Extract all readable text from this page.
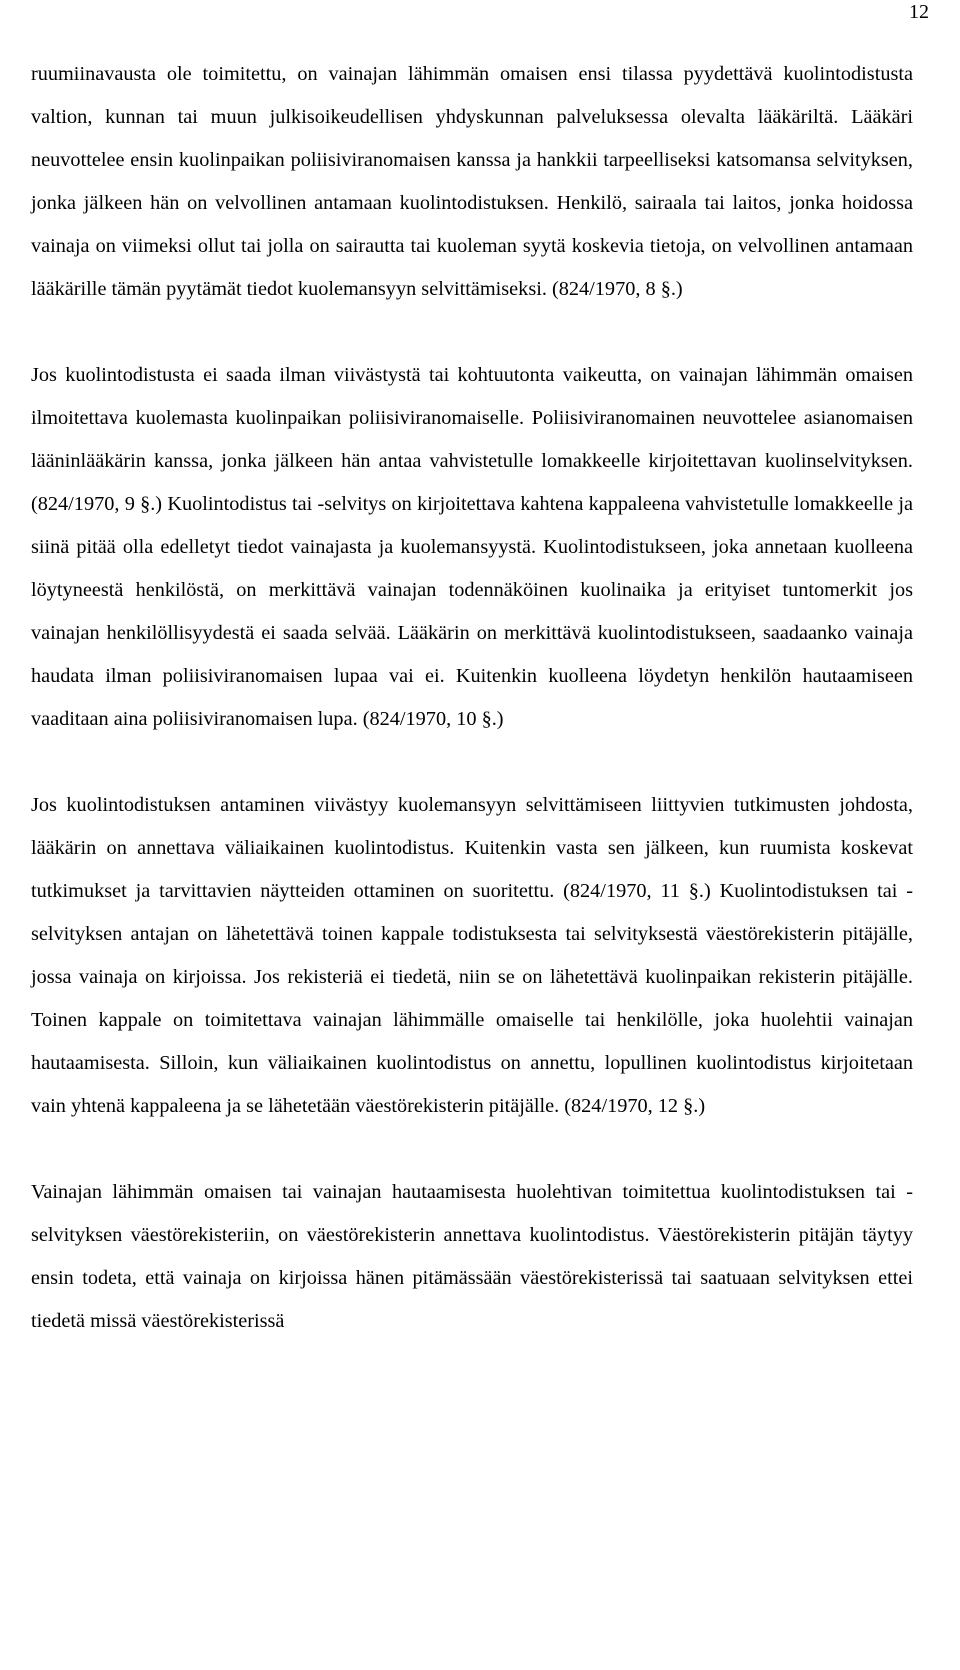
12

ruumiinavausta ole toimitettu, on vainajan lähimmän omaisen ensi tilassa pyydettävä kuolintodistusta valtion, kunnan tai muun julkisoikeudellisen yhdyskunnan palveluksessa olevalta lääkäriltä. Lääkäri neuvottelee ensin kuolinpaikan poliisiviranomaisen kanssa ja hankkii tarpeelliseksi katsomansa selvityksen, jonka jälkeen hän on velvollinen antamaan kuolintodistuksen. Henkilö, sairaala tai laitos, jonka hoidossa vainaja on viimeksi ollut tai jolla on sairautta tai kuoleman syytä koskevia tietoja, on velvollinen antamaan lääkärille tämän pyytämät tiedot kuolemansyyn selvittämiseksi. (824/1970, 8 §.)

Jos kuolintodistusta ei saada ilman viivästystä tai kohtuutonta vaikeutta, on vainajan lähimmän omaisen ilmoitettava kuolemasta kuolinpaikan poliisiviranomaiselle. Poliisiviranomainen neuvottelee asianomaisen lääninlääkärin kanssa, jonka jälkeen hän antaa vahvistetulle lomakkeelle kirjoitettavan kuolinselvityksen. (824/1970, 9 §.) Kuolintodistus tai -selvitys on kirjoitettava kahtena kappaleena vahvistetulle lomakkeelle ja siinä pitää olla edelletyt tiedot vainajasta ja kuolemansyystä. Kuolintodistukseen, joka annetaan kuolleena löytyneestä henkilöstä, on merkittävä vainajan todennäköinen kuolinaika ja erityiset tuntomerkit jos vainajan henkilöllisyydestä ei saada selvää. Lääkärin on merkittävä kuolintodistukseen, saadaanko vainaja haudata ilman poliisiviranomaisen lupaa vai ei. Kuitenkin kuolleena löydetyn henkilön hautaamiseen vaaditaan aina poliisiviranomaisen lupa. (824/1970, 10 §.)

Jos kuolintodistuksen antaminen viivästyy kuolemansyyn selvittämiseen liittyvien tutkimusten johdosta, lääkärin on annettava väliaikainen kuolintodistus. Kuitenkin vasta sen jälkeen, kun ruumista koskevat tutkimukset ja tarvittavien näytteiden ottaminen on suoritettu. (824/1970, 11 §.) Kuolintodistuksen tai -selvityksen antajan on lähetettävä toinen kappale todistuksesta tai selvityksestä väestörekisterin pitäjälle, jossa vainaja on kirjoissa. Jos rekisteriä ei tiedetä, niin se on lähetettävä kuolinpaikan rekisterin pitäjälle. Toinen kappale on toimitettava vainajan lähimmälle omaiselle tai henkilölle, joka huolehtii vainajan hautaamisesta. Silloin, kun väliaikainen kuolintodistus on annettu, lopullinen kuolintodistus kirjoitetaan vain yhtenä kappaleena ja se lähetetään väestörekisterin pitäjälle. (824/1970, 12 §.)

Vainajan lähimmän omaisen tai vainajan hautaamisesta huolehtivan toimitettua kuolintodistuksen tai -selvityksen väestörekisteriin, on väestörekisterin annettava kuolintodistus. Väestörekisterin pitäjän täytyy ensin todeta, että vainaja on kirjoissa hänen pitämässään väestörekisterissä tai saatuaan selvityksen ettei tiedetä missä väestörekisterissä
